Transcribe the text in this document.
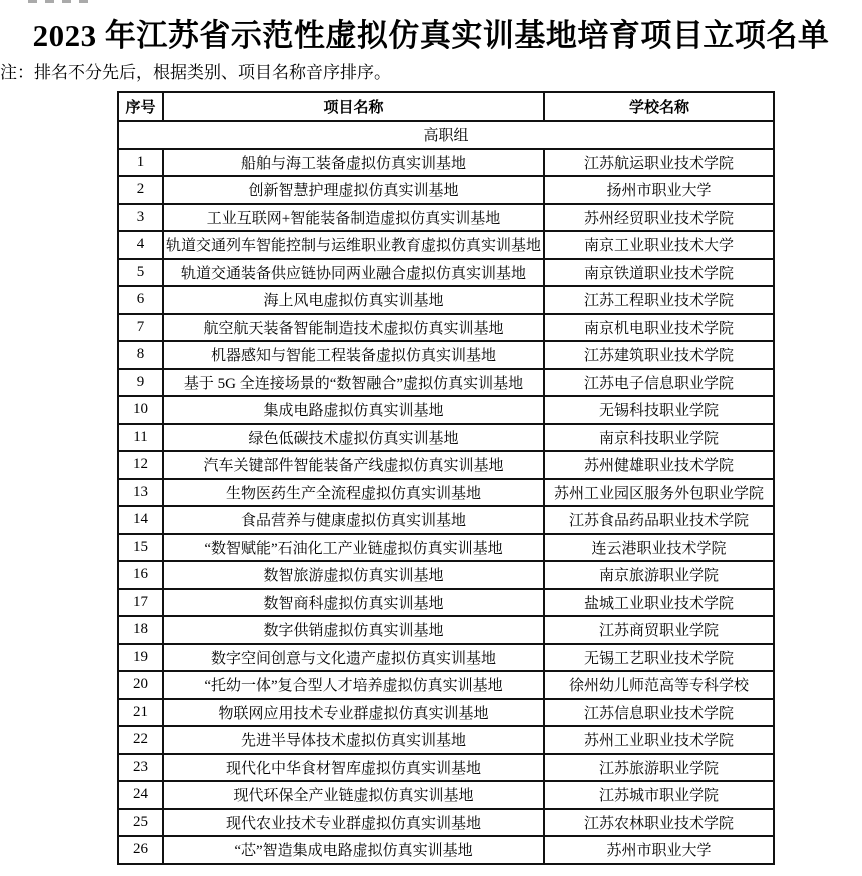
2023 年江苏省示范性虚拟仿真实训基地培育项目立项名单
注：排名不分先后，根据类别、项目名称音序排序。
序号	项目名称	学校名称
高职组		
1	船舶与海工装备虚拟仿真实训基地	江苏航运职业技术学院
2	创新智慧护理虚拟仿真实训基地	扬州市职业大学
3	工业互联网+智能装备制造虚拟仿真实训基地	苏州经贸职业技术学院
4	轨道交通列车智能控制与运维职业教育虚拟仿真实训基地	南京工业职业技术大学
5	轨道交通装备供应链协同两业融合虚拟仿真实训基地	南京铁道职业技术学院
6	海上风电虚拟仿真实训基地	江苏工程职业技术学院
7	航空航天装备智能制造技术虚拟仿真实训基地	南京机电职业技术学院
8	机器感知与智能工程装备虚拟仿真实训基地	江苏建筑职业技术学院
9	基于 5G 全连接场景的“数智融合”虚拟仿真实训基地	江苏电子信息职业学院
10	集成电路虚拟仿真实训基地	无锡科技职业学院
11	绿色低碳技术虚拟仿真实训基地	南京科技职业学院
12	汽车关键部件智能装备产线虚拟仿真实训基地	苏州健雄职业技术学院
13	生物医药生产全流程虚拟仿真实训基地	苏州工业园区服务外包职业学院
14	食品营养与健康虚拟仿真实训基地	江苏食品药品职业技术学院
15	“数智赋能”石油化工产业链虚拟仿真实训基地	连云港职业技术学院
16	数智旅游虚拟仿真实训基地	南京旅游职业学院
17	数智商科虚拟仿真实训基地	盐城工业职业技术学院
18	数字供销虚拟仿真实训基地	江苏商贸职业学院
19	数字空间创意与文化遗产虚拟仿真实训基地	无锡工艺职业技术学院
20	“托幼一体”复合型人才培养虚拟仿真实训基地	徐州幼儿师范高等专科学校
21	物联网应用技术专业群虚拟仿真实训基地	江苏信息职业技术学院
22	先进半导体技术虚拟仿真实训基地	苏州工业职业技术学院
23	现代化中华食材智库虚拟仿真实训基地	江苏旅游职业学院
24	现代环保全产业链虚拟仿真实训基地	江苏城市职业学院
25	现代农业技术专业群虚拟仿真实训基地	江苏农林职业技术学院
26	“芯”智造集成电路虚拟仿真实训基地	苏州市职业大学
